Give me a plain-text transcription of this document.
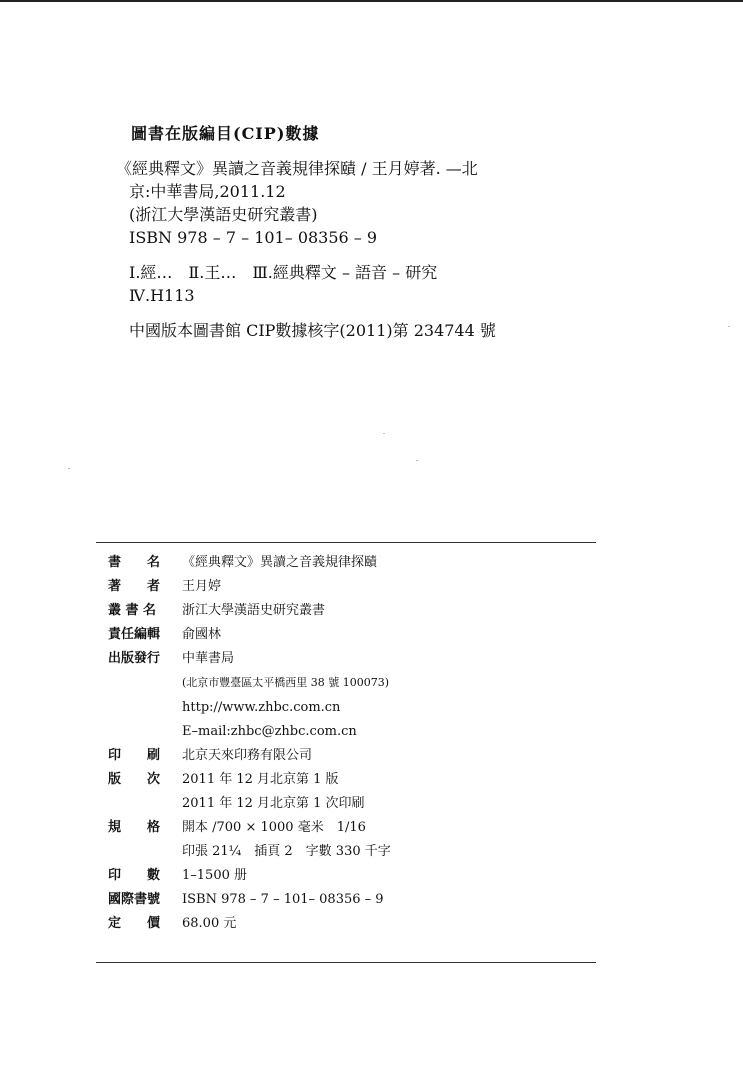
圖書在版編目(CIP)數據

《經典釋文》異讀之音義規律探賾 / 王月婷著. —北

京:中華書局,2011.12

(浙江大學漢語史研究叢書)

ISBN 978 – 7 – 101– 08356 – 9

Ⅰ.經…　Ⅱ.王…　Ⅲ.經典釋文 – 語音 – 研究

Ⅳ.H113

中國版本圖書館 CIP數據核字(2011)第 234744 號

書　　名	《經典釋文》異讀之音義規律探賾
著　　者	王月婷
叢 書 名	浙江大學漢語史研究叢書
責任編輯	俞國林
出版發行	中華書局
(北京市豐臺區太平橋西里 38 號 100073)
http://www.zhbc.com.cn
E–mail:zhbc@zhbc.com.cn
印　　刷	北京天來印務有限公司
版　　次	2011 年 12 月北京第 1 版
2011 年 12 月北京第 1 次印刷
規　　格	開本 /700 × 1000 毫米　1/16
印張 21¼　插頁 2　字數 330 千字
印　　數	1–1500 册
國際書號	ISBN 978 – 7 – 101– 08356 – 9
定　　價	68.00 元
